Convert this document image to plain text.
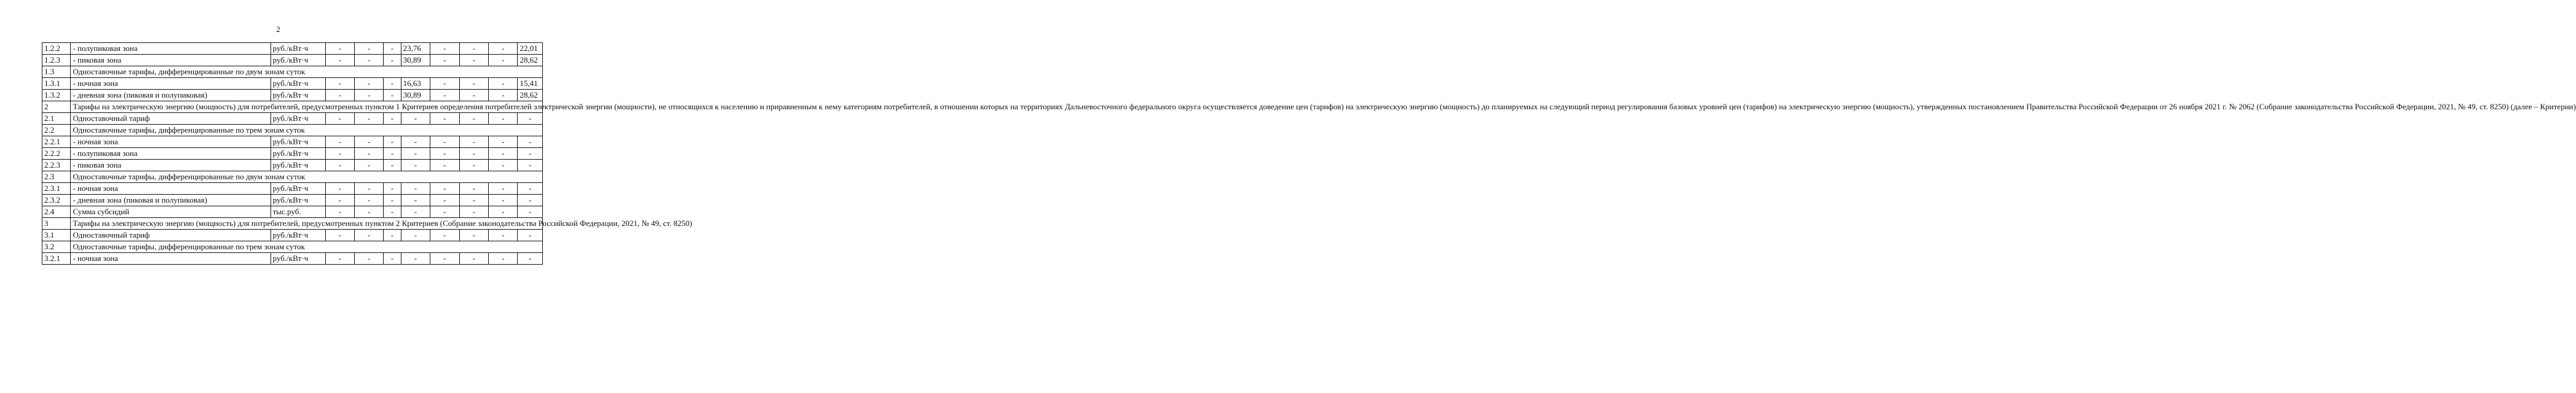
2
1.2.2	- полупиковая зона	руб./кВт·ч	-	-	-	23,76	-	-	-	22,01
1.2.3	- пиковая зона	руб./кВт·ч	-	-	-	30,89	-	-	-	28,62
1.3	Одноставочные тарифы, дифференцированные по двум зонам суток									
1.3.1	- ночная зона	руб./кВт·ч	-	-	-	16,63	-	-	-	15,41
1.3.2	- дневная зона (пиковая и полупиковая)	руб./кВт·ч	-	-	-	30,89	-	-	-	28,62
2	Тарифы на электрическую энергию (мощность) для потребителей, предусмотренных пунктом 1 Критериев определения потребителей электрической энергии (мощности), не относящихся к населению и приравненным к нему категориям потребителей, в отношении которых на территориях Дальневосточного федерального округа осуществляется доведение цен (тарифов) на электрическую энергию (мощность) до планируемых на следующий период регулирования базовых уровней цен (тарифов) на электрическую энергию (мощность), утвержденных постановлением Правительства Российской Федерации от 26 ноября 2021 г. № 2062 (Собрание законодательства Российской Федерации, 2021, № 49, ст. 8250) (далее – Критерии)									
2.1	Одноставочный тариф	руб./кВт·ч	-	-	-	-	-	-	-	-
2.2	Одноставочные тарифы, дифференцированные по трем зонам суток									
2.2.1	- ночная зона	руб./кВт·ч	-	-	-	-	-	-	-	-
2.2.2	- полупиковая зона	руб./кВт·ч	-	-	-	-	-	-	-	-
2.2.3	- пиковая зона	руб./кВт·ч	-	-	-	-	-	-	-	-
2.3	Одноставочные тарифы, дифференцированные по двум зонам суток									
2.3.1	- ночная зона	руб./кВт·ч	-	-	-	-	-	-	-	-
2.3.2	- дневная зона (пиковая и полупиковая)	руб./кВт·ч	-	-	-	-	-	-	-	-
2.4	Сумма субсидий	тыс.руб.	-	-	-	-	-	-	-	-
3	Тарифы на электрическую энергию (мощность) для потребителей, предусмотренных пунктом 2 Критериев (Собрание законодательства Российской Федерации, 2021, № 49, ст. 8250)									
3.1	Одноставочный тариф	руб./кВт·ч	-	-	-	-	-	-	-	-
3.2	Одноставочные тарифы, дифференцированные по трем зонам суток									
3.2.1	- ночная зона	руб./кВт·ч	-	-	-	-	-	-	-	-
